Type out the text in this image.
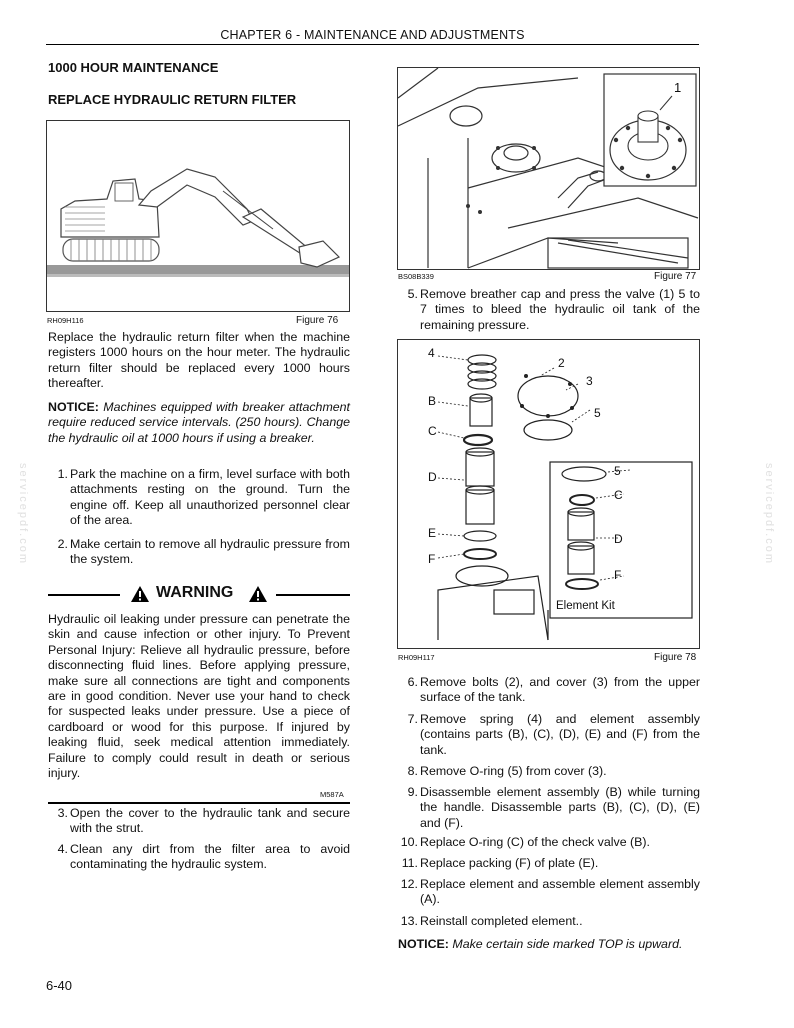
CHAPTER 6 - MAINTENANCE AND ADJUSTMENTS
1000 HOUR MAINTENANCE
REPLACE HYDRAULIC RETURN FILTER
RH09H116	Figure 76
Replace the hydraulic return filter when the machine registers 1000 hours on the hour meter. The hydraulic return filter should be replaced every 1000 hours thereafter.
NOTICE: Machines equipped with breaker attachment require reduced service intervals. (250 hours). Change the hydraulic oil at 1000 hours if using a breaker.
1. Park the machine on a firm, level surface with both attachments resting on the ground. Turn the engine off. Keep all unauthorized personnel clear of the area.
2. Make certain to remove all hydraulic pressure from the system.
WARNING
Hydraulic oil leaking under pressure can penetrate the skin and cause infection or other injury. To Prevent Personal Injury: Relieve all hydraulic pressure, before disconnecting fluid lines. Before applying pressure, make sure all connections are tight and components are in good condition. Never use your hand to check for suspected leaks under pressure. Use a piece of cardboard or wood for this purpose. If injured by leaking fluid, seek medical attention immediately. Failure to comply could result in death or serious injury.
M587A
3. Open the cover to the hydraulic tank and secure with the strut.
4. Clean any dirt from the filter area to avoid contaminating the hydraulic system.
1
BS08B339	Figure 77
5. Remove breather cap and press the valve (1) 5 to 7 times to bleed the hydraulic oil tank of the remaining pressure.
4
2
3
5
B
C
D
E
F
5
C
D
F
Element Kit
RH09H117	Figure 78
6. Remove bolts (2), and cover (3) from the upper surface of the tank.
7. Remove spring (4) and element assembly (contains parts (B), (C), (D), (E) and (F) from the tank.
8. Remove O-ring (5) from cover (3).
9. Disassemble element assembly (B) while turning the handle. Disassemble parts (B), (C), (D), (E) and (F).
10. Replace O-ring (C) of the check valve (B).
11. Replace packing (F) of plate (E).
12. Replace element and assemble element assembly (A).
13. Reinstall completed element..
NOTICE: Make certain side marked TOP is upward.
servicepdf.com	servicepdf.com
6-40
